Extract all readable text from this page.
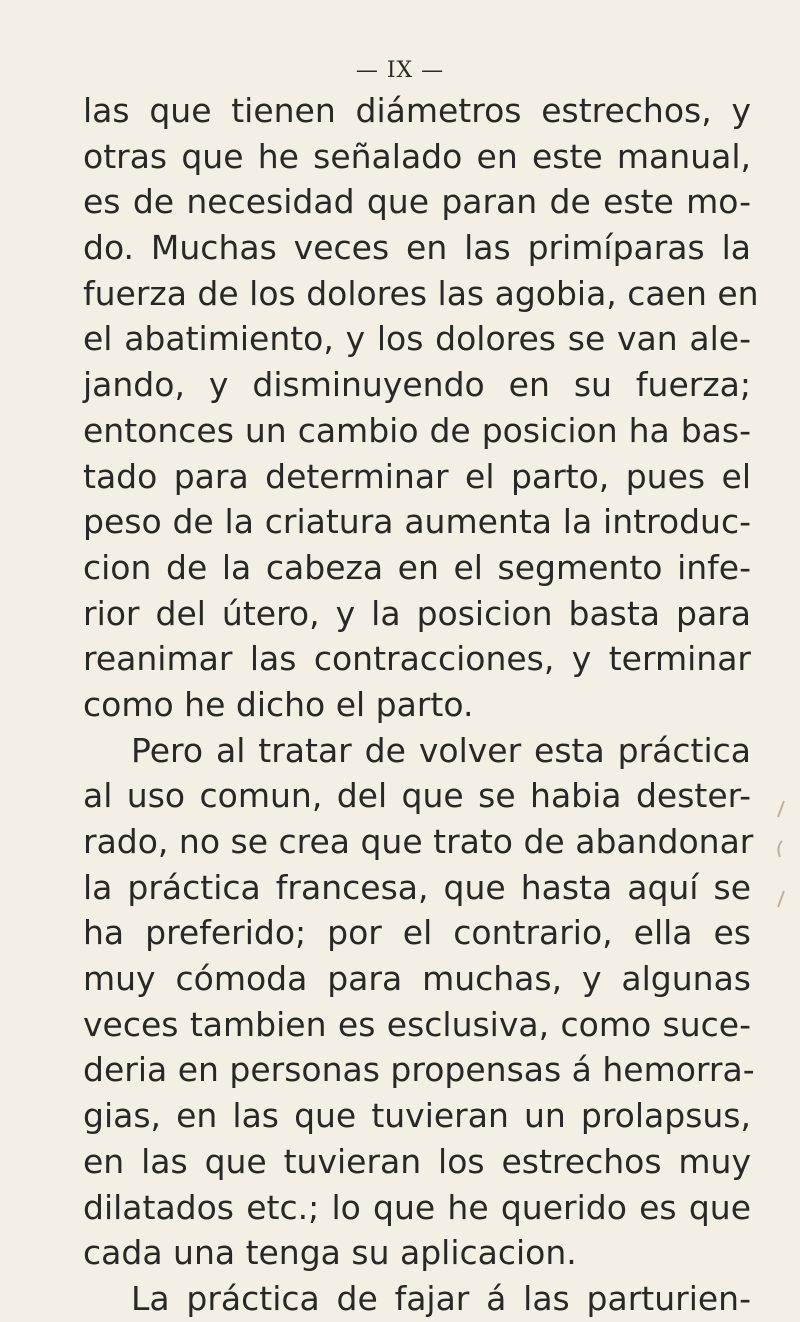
— IX —
las que tienen diámetros estrechos, y
otras que he señalado en este manual,
es de necesidad que paran de este mo-
do. Muchas veces en las primíparas la
fuerza de los dolores las agobia, caen en
el abatimiento, y los dolores se van ale-
jando, y disminuyendo en su fuerza;
entonces un cambio de posicion ha bas-
tado para determinar el parto, pues el
peso de la criatura aumenta la introduc-
cion de la cabeza en el segmento infe-
rior del útero, y la posicion basta para
reanimar las contracciones, y terminar
como he dicho el parto.
Pero al tratar de volver esta práctica
al uso comun, del que se habia dester-
rado, no se crea que trato de abandonar
la práctica francesa, que hasta aquí se
ha preferido; por el contrario, ella es
muy cómoda para muchas, y algunas
veces tambien es esclusiva, como suce-
deria en personas propensas á hemorra-
gias, en las que tuvieran un prolapsus,
en las que tuvieran los estrechos muy
dilatados etc.; lo que he querido es que
cada una tenga su aplicacion.
La práctica de fajar á las parturien-
